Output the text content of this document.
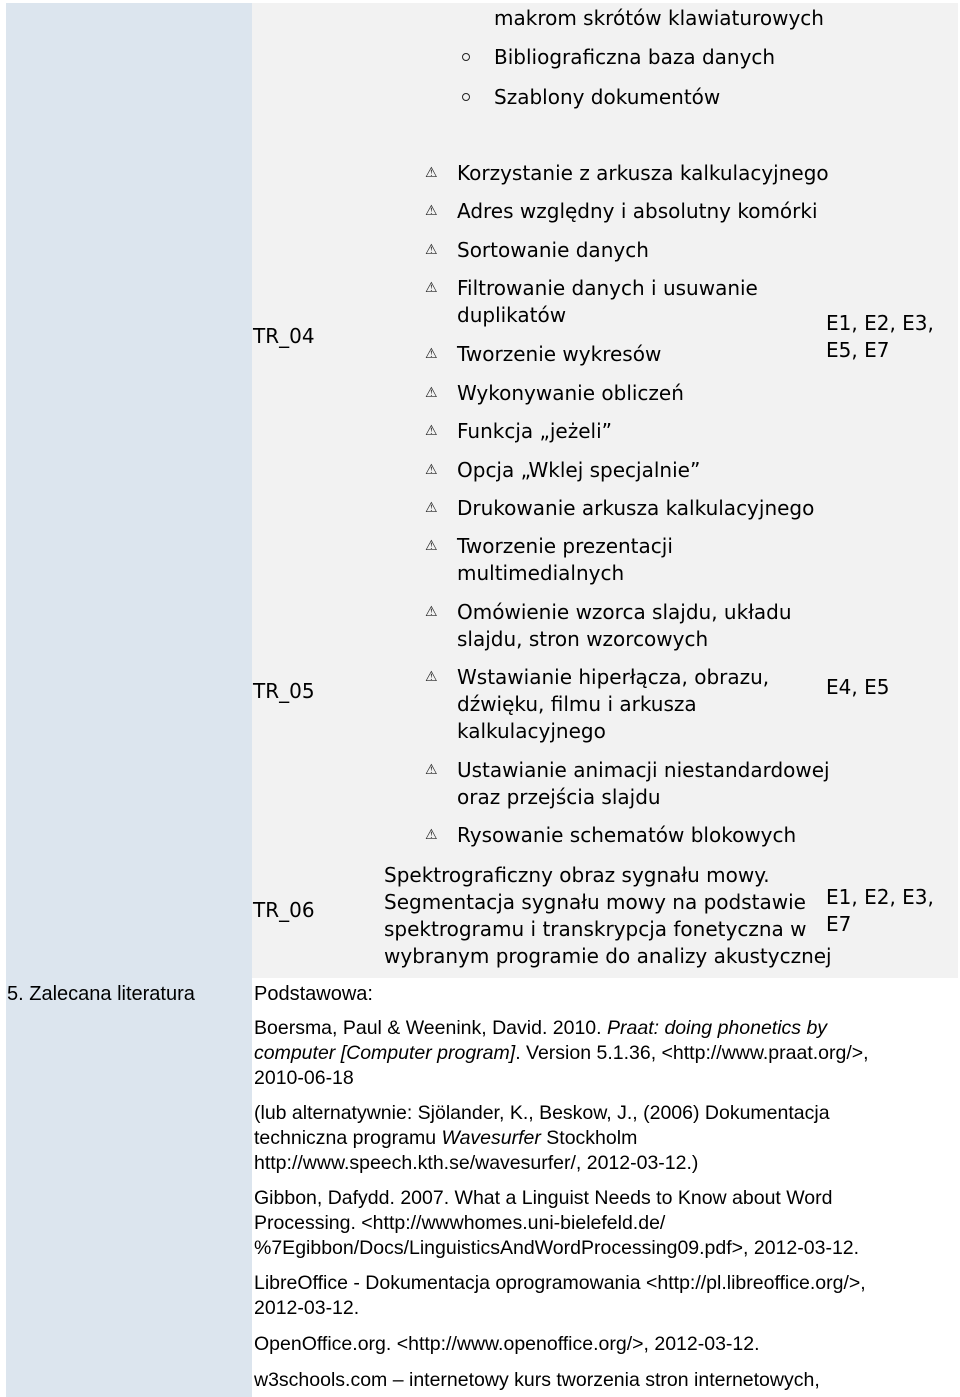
makrom skrótów klawiaturowych
Bibliograficzna baza danych
Szablony dokumentów
TR_04
E1, E2, E3,
E5, E7
⚠ Korzystanie z arkusza kalkulacyjnego
⚠ Adres względny i absolutny komórki
⚠ Sortowanie danych
⚠ Filtrowanie danych i usuwanie
duplikatów
⚠ Tworzenie wykresów
⚠ Wykonywanie obliczeń
⚠ Funkcja „jeżeli”
⚠ Opcja „Wklej specjalnie”
⚠ Drukowanie arkusza kalkulacyjnego
TR_05	E4, E5
⚠ Tworzenie prezentacji
multimedialnych
⚠ Omówienie wzorca slajdu, układu
slajdu, stron wzorcowych
⚠ Wstawianie hiperłącza, obrazu,
dźwięku, filmu i arkusza
kalkulacyjnego
⚠ Ustawianie animacji niestandardowej
oraz przejścia slajdu
⚠ Rysowanie schematów blokowych
TR_06
E1, E2, E3,
E7
Spektrograficzny obraz sygnału mowy.
Segmentacja sygnału mowy na podstawie
spektrogramu i transkrypcja fonetyczna w
wybranym programie do analizy akustycznej
5. Zalecana literatura	Podstawowa:
Boersma, Paul & Weenink, David. 2010. Praat: doing phonetics by
computer [Computer program]. Version 5.1.36, <http://www.praat.org/>,
2010-06-18
(lub alternatywnie: Sjölander, K., Beskow, J., (2006) Dokumentacja
techniczna programu Wavesurfer Stockholm
http://www.speech.kth.se/wavesurfer/, 2012-03-12.)
Gibbon, Dafydd. 2007. What a Linguist Needs to Know about Word
Processing. <http://wwwhomes.uni-bielefeld.de/
%7Egibbon/Docs/LinguisticsAndWordProcessing09.pdf>, 2012-03-12.
LibreOffice - Dokumentacja oprogramowania <http://pl.libreoffice.org/>,
2012-03-12.
OpenOffice.org. <http://www.openoffice.org/>, 2012-03-12.
w3schools.com – internetowy kurs tworzenia stron internetowych,
